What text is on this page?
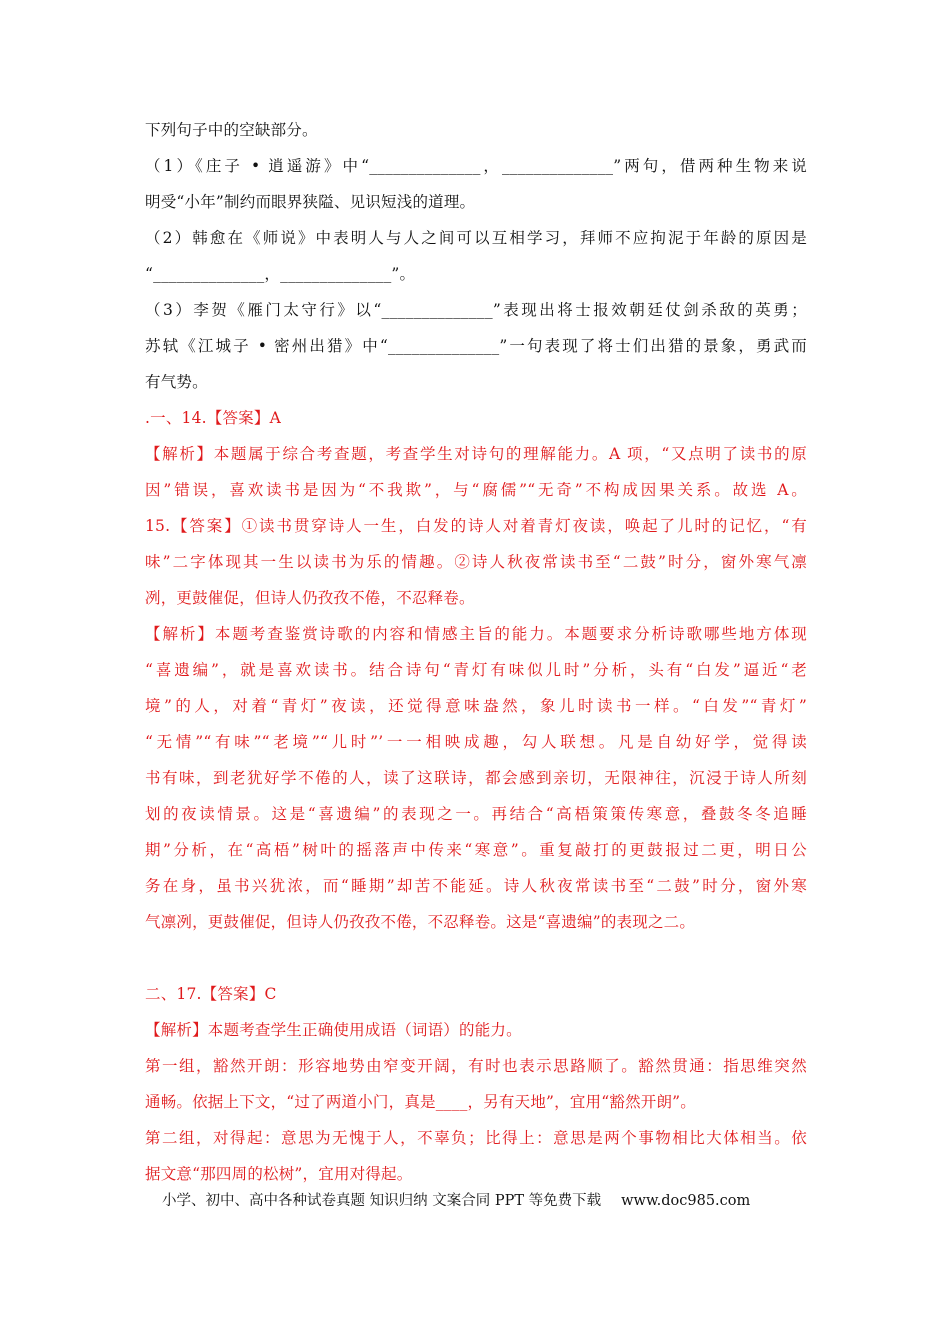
下列句子中的空缺部分。
（1）《庄子 • 逍遥游》中“______________，______________”两句，借两种生物来说
明受“小年”制约而眼界狭隘、见识短浅的道理。
（2）韩愈在《师说》中表明人与人之间可以互相学习，拜师不应拘泥于年龄的原因是
“______________，______________”。
（3）李贺《雁门太守行》以“______________”表现出将士报效朝廷仗剑杀敌的英勇；
苏轼《江城子 • 密州出猎》中“______________”一句表现了将士们出猎的景象，勇武而
有气势。
.一、14.【答案】A
【解析】本题属于综合考查题，考查学生对诗句的理解能力。A 项，“又点明了读书的原
因”错误，喜欢读书是因为“不我欺”，与“腐儒”“无奇”不构成因果关系。故选 A。
15.【答案】①读书贯穿诗人一生，白发的诗人对着青灯夜读，唤起了儿时的记忆，“有
味”二字体现其一生以读书为乐的情趣。②诗人秋夜常读书至“二鼓”时分，窗外寒气凛
冽，更鼓催促，但诗人仍孜孜不倦，不忍释卷。
【解析】本题考查鉴赏诗歌的内容和情感主旨的能力。本题要求分析诗歌哪些地方体现
“喜遗编”，就是喜欢读书。结合诗句“青灯有味似儿时”分析，头有“白发”逼近“老
境”的人，对着“青灯”夜读，还觉得意味盎然，象儿时读书一样。“白发”“青灯”
“无情”“有味”“老境”“儿时”’一一相映成趣，勾人联想。凡是自幼好学，觉得读
书有味，到老犹好学不倦的人，读了这联诗，都会感到亲切，无限神往，沉浸于诗人所刻
划的夜读情景。这是“喜遗编”的表现之一。再结合“高梧策策传寒意，叠鼓冬冬追睡
期”分析，在“高梧”树叶的摇落声中传来“寒意”。重复敲打的更鼓报过二更，明日公
务在身，虽书兴犹浓，而“睡期”却苦不能延。诗人秋夜常读书至“二鼓”时分，窗外寒
气凛冽，更鼓催促，但诗人仍孜孜不倦，不忍释卷。这是“喜遗编”的表现之二。
二、17.【答案】C
【解析】本题考查学生正确使用成语（词语）的能力。
第一组，豁然开朗：形容地势由窄变开阔，有时也表示思路顺了。豁然贯通：指思维突然
通畅。依据上下文，“过了两道小门，真是____，另有天地”，宜用“豁然开朗”。
第二组，对得起：意思为无愧于人，不辜负；比得上：意思是两个事物相比大体相当。依
据文意“那四周的松树”，宜用对得起。
小学、初中、高中各种试卷真题 知识归纳 文案合同 PPT 等免费下载 www.doc985.com
